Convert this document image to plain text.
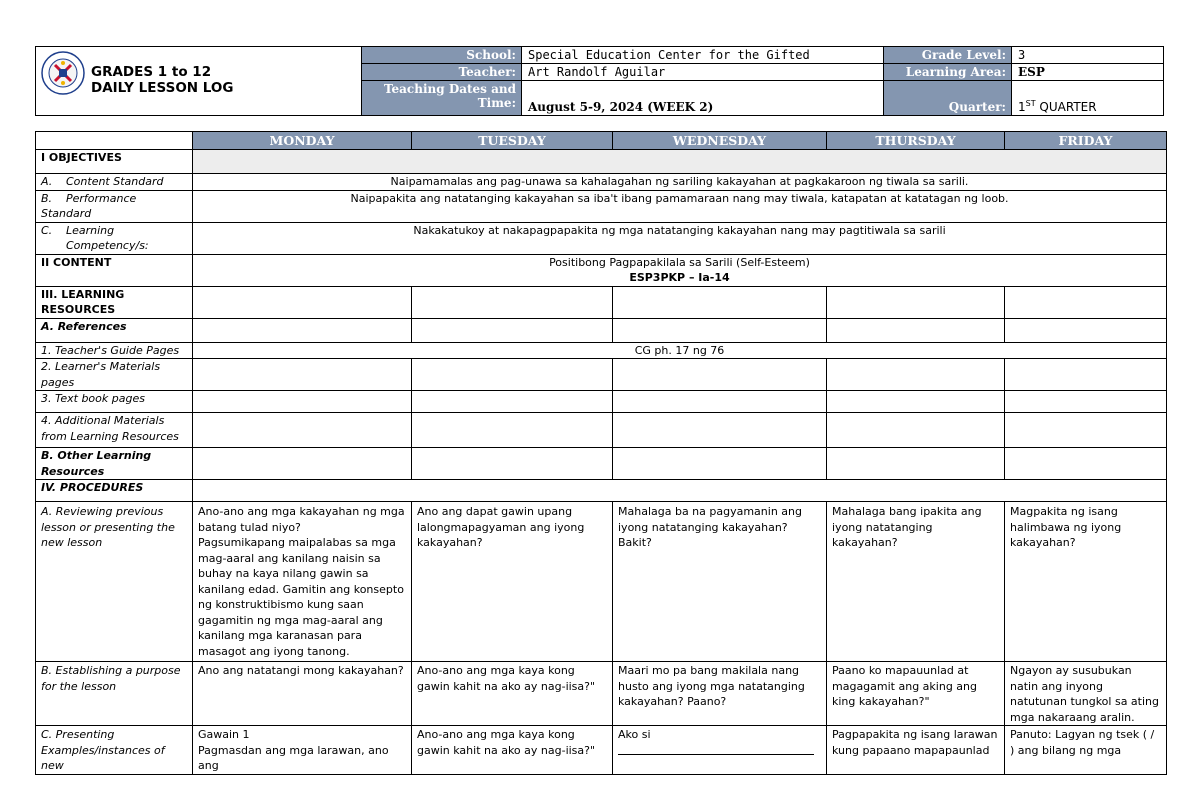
GRADES 1 to 12
DAILY LESSON LOG	School:	Special Education Center for the Gifted	Grade Level:	3
	Teacher:	Art Randolf Aguilar	Learning Area:	ESP

	Teaching Dates and
Time:	August 5-9, 2024 (WEEK 2)	Quarter:	1ST QUARTER
	MONDAY	TUESDAY	WEDNESDAY	THURSDAY	FRIDAY
I OBJECTIVES					
A. Content Standard	Naipamamalas ang pag-unawa sa kahalagahan ng sariling kakayahan at pagkakaroon ng tiwala sa sarili.				
B. Performance Standard	Naipapakita ang natatanging kakayahan sa iba't ibang pamamaraan nang may tiwala, katapatan at katatagan ng loob.				

C. Learning
Competency/s:	Nakakatukoy at nakapagpapakita ng mga natatanging kakayahan nang may pagtitiwala sa sarili				
II CONTENT	Positibong Pagpapakilala sa Sarili (Self-Esteem)
ESP3PKP – Ia-14				

III. LEARNING RESOURCES					
A. References					
1. Teacher's Guide Pages	CG ph. 17 ng 76				
2. Learner's Materials pages					
3. Text book pages					
4. Additional Materials from Learning Resources					
B. Other Learning Resources					
IV. PROCEDURES					
A. Reviewing previous lesson or presenting the new lesson	Ano-ano ang mga kakayahan ng mga batang tulad niyo?
Pagsumikapang maipalabas sa mga mag-aaral ang kanilang naisin sa buhay na kaya nilang gawin sa kanilang edad. Gamitin ang konsepto ng konstruktibismo kung saan gagamitin ng mga mag-aaral ang kanilang mga karanasan para masagot ang iyong tanong.	Ano ang dapat gawin upang lalongmapagyaman ang iyong kakayahan?	Mahalaga ba na pagyamanin ang iyong natatanging kakayahan? Bakit?	Mahalaga bang ipakita ang iyong natatanging kakayahan?	Magpakita ng isang halimbawa ng iyong kakayahan?
B. Establishing a purpose for the lesson	Ano ang natatangi mong kakayahan?	Ano-ano ang mga kaya kong gawin kahit na ako ay nag-iisa?"	Maari mo pa bang makilala nang husto ang iyong mga natatanging kakayahan? Paano?	Paano ko mapauunlad at magagamit ang aking ang king kakayahan?"	Ngayon ay susubukan natin ang inyong natutunan tungkol sa ating mga nakaraang aralin.
C. Presenting Examples/instances of new	Gawain 1
Pagmasdan ang mga larawan, ano ang	Ano-ano ang mga kaya kong gawin kahit na ako ay nag-iisa?"	Ako si	Pagpapakita ng isang larawan kung papaano mapapaunlad	Panuto: Lagyan ng tsek ( / ) ang bilang ng mga
